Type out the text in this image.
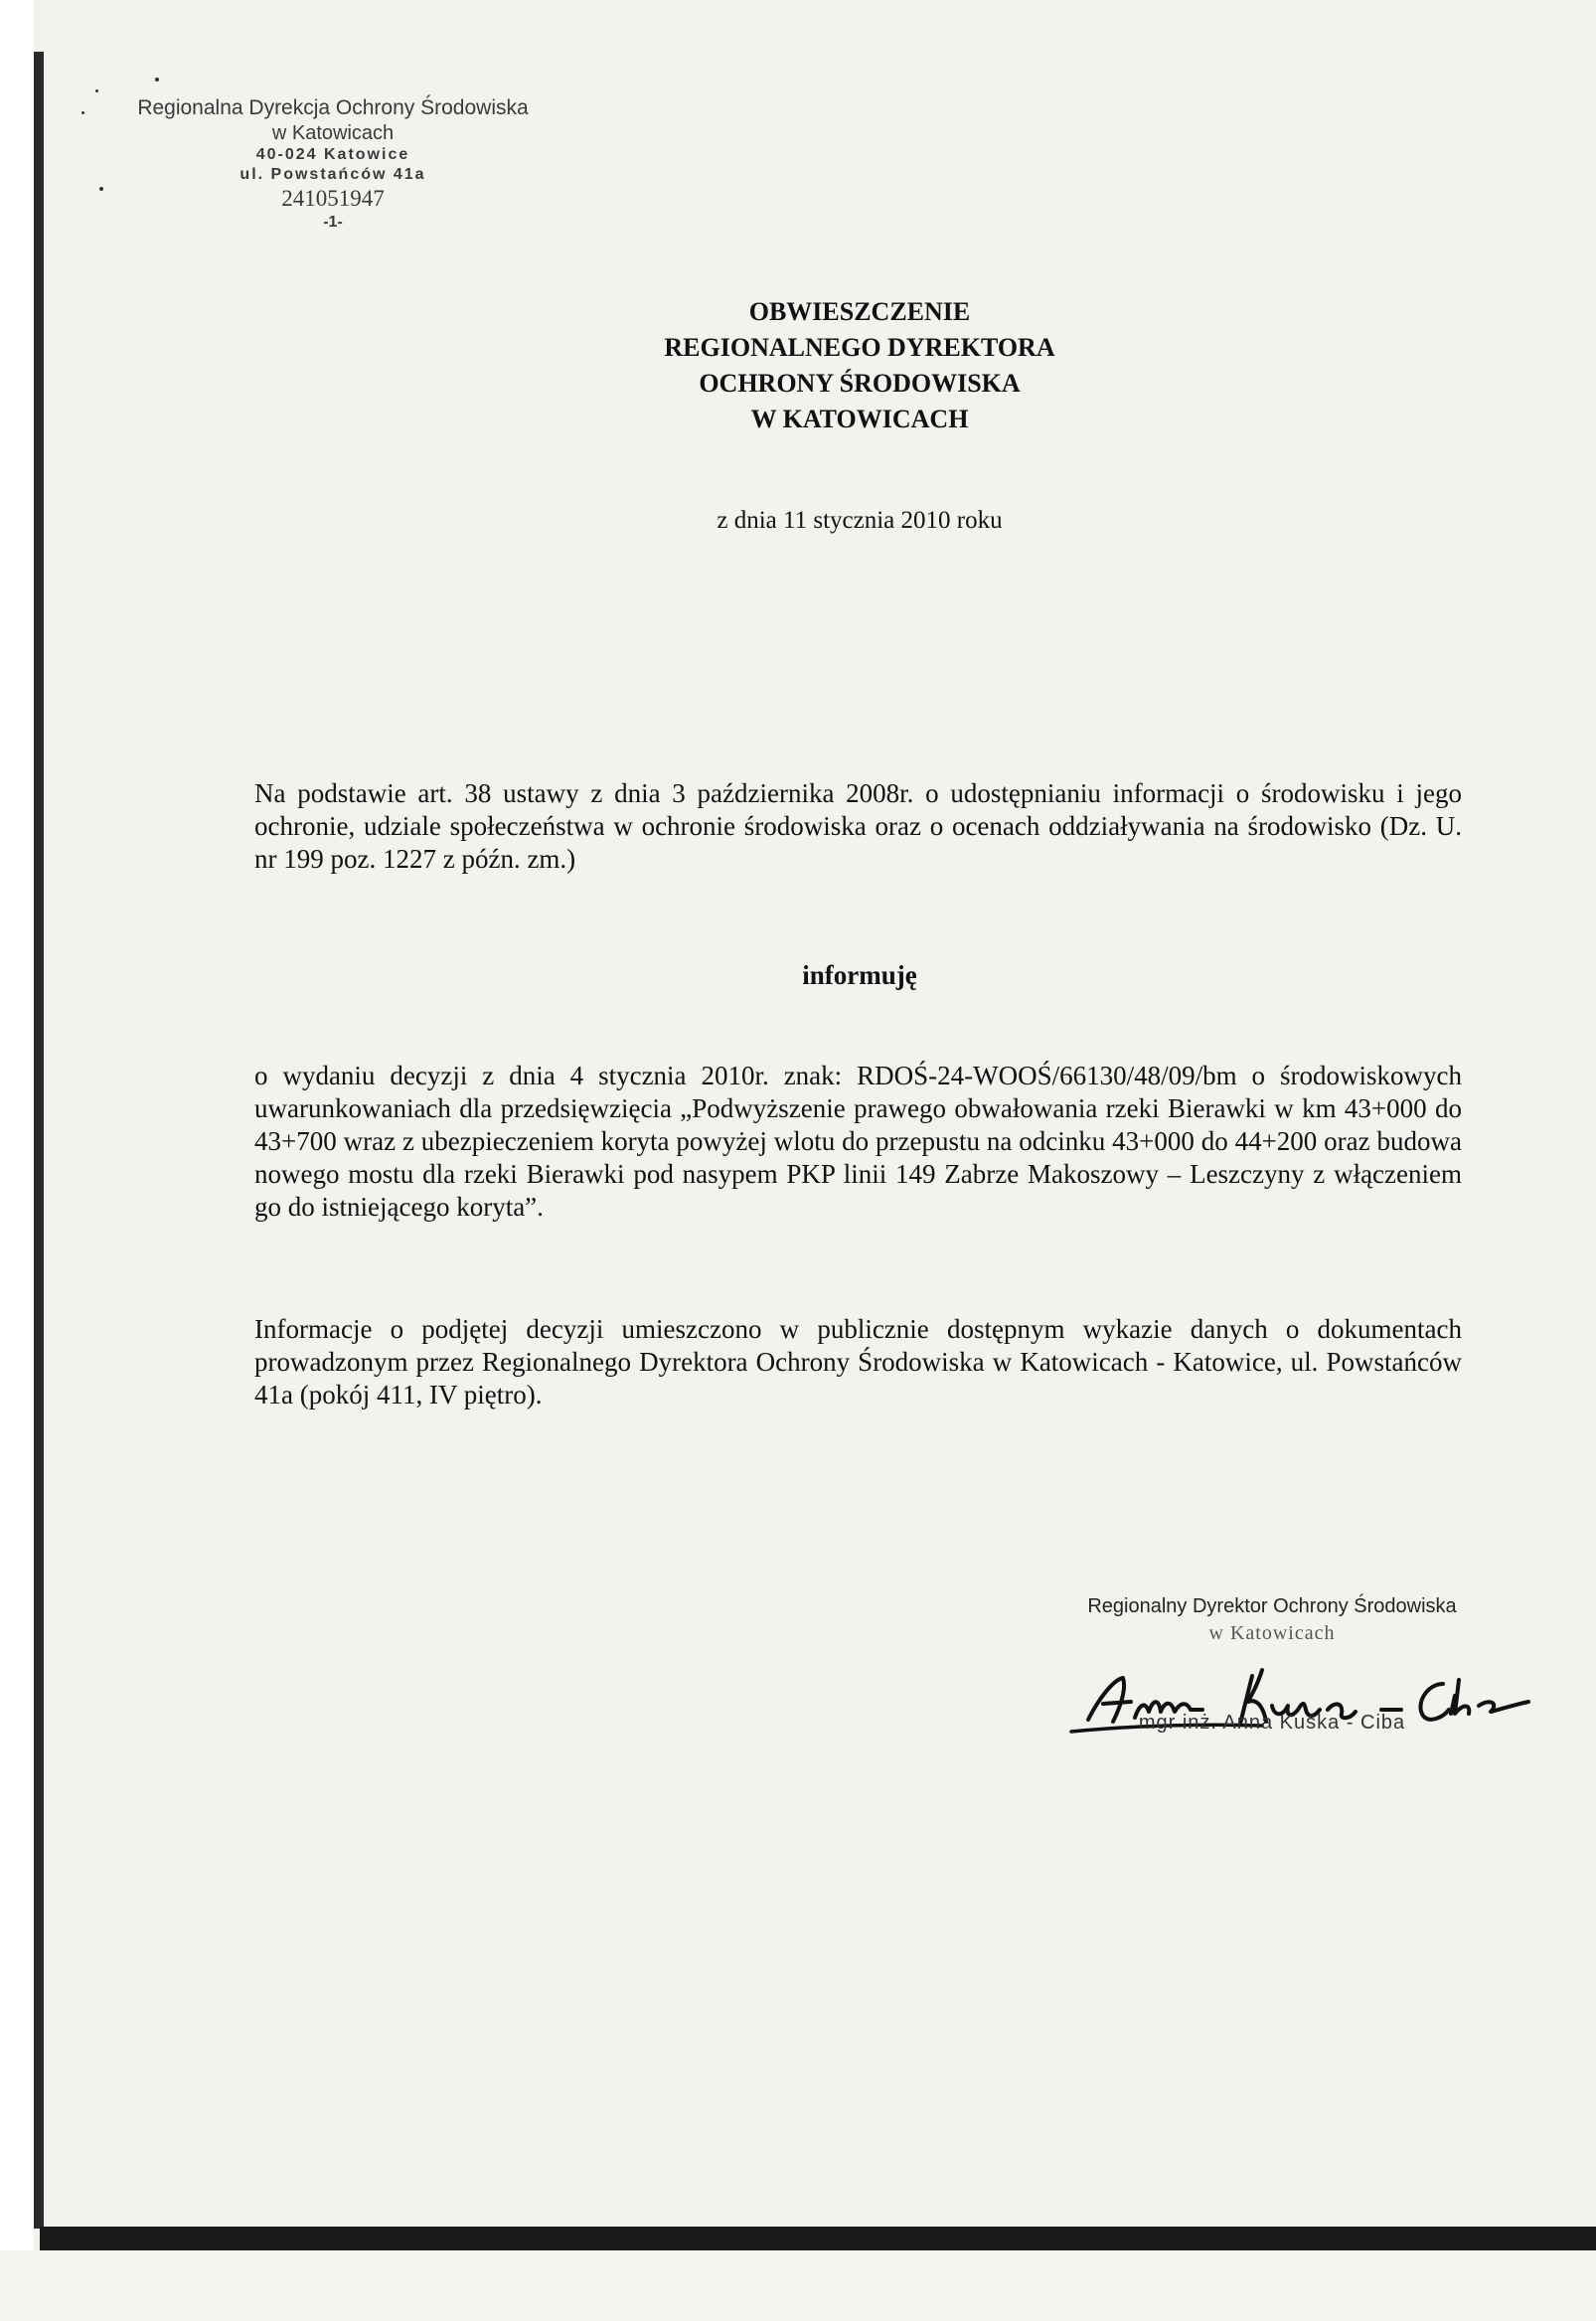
Regionalna Dyrekcja Ochrony Środowiska
w Katowicach
40-024 Katowice
ul. Powstańców 41a
241051947
-1-
OBWIESZCZENIE
REGIONALNEGO DYREKTORA
OCHRONY ŚRODOWISKA
W KATOWICACH
z dnia 11 stycznia 2010 roku
Na podstawie art. 38 ustawy z dnia 3 października 2008r. o udostępnianiu informacji o środowisku i jego ochronie, udziale społeczeństwa w ochronie środowiska oraz o ocenach oddziaływania na środowisko (Dz. U. nr 199 poz. 1227 z późn. zm.)
informuję
o wydaniu decyzji z dnia 4 stycznia 2010r. znak: RDOŚ-24-WOOŚ/66130/48/09/bm o środowiskowych uwarunkowaniach dla przedsięwzięcia „Podwyższenie prawego obwałowania rzeki Bierawki w km 43+000 do 43+700 wraz z ubezpieczeniem koryta powyżej wlotu do przepustu na odcinku 43+000 do 44+200 oraz budowa nowego mostu dla rzeki Bierawki pod nasypem PKP linii 149 Zabrze Makoszowy – Leszczyny z włączeniem go do istniejącego koryta”.
Informacje o podjętej decyzji umieszczono w publicznie dostępnym wykazie danych o dokumentach prowadzonym przez Regionalnego Dyrektora Ochrony Środowiska w Katowicach - Katowice, ul. Powstańców 41a (pokój 411, IV piętro).
Regionalny Dyrektor Ochrony Środowiska
w Katowicach
mgr inż. Anna Kuśka - Ciba
